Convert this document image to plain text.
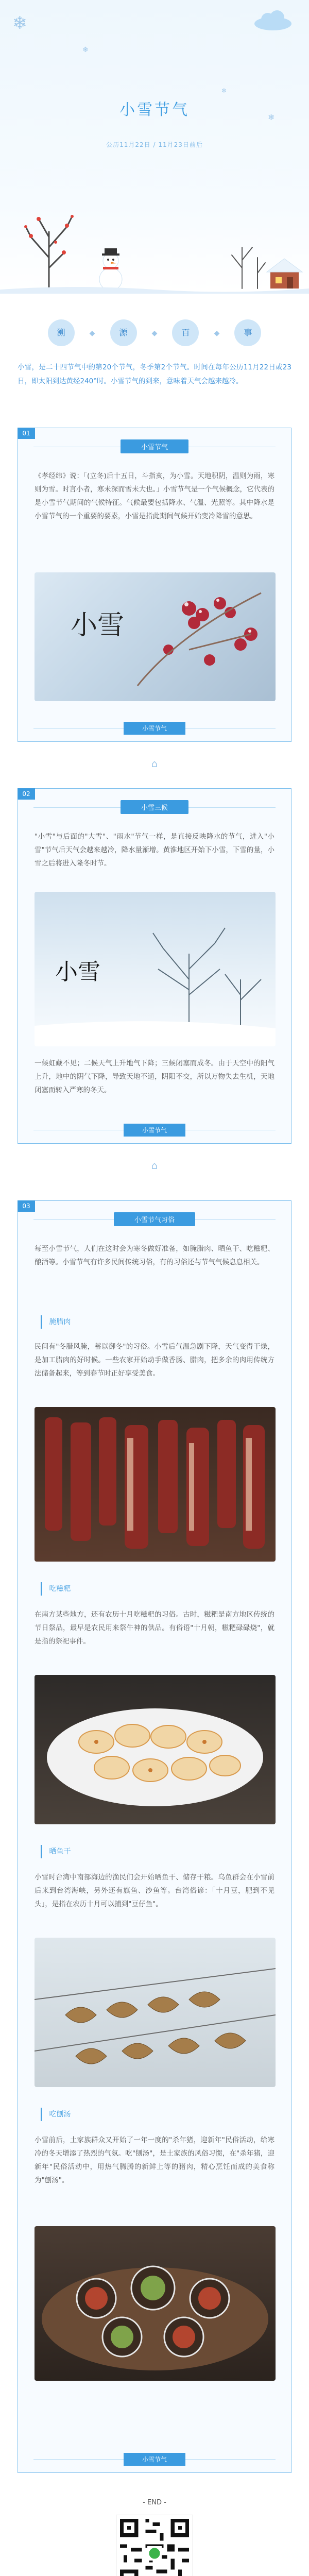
❄
❄
❄
❄
小雪节气
公历11月22日 / 11月23日前后
溯	◆	源	◆	百	◆	事
小雪，是二十四节气中的第20个节气，冬季第2个节气。时间在每年公历11月22日或23日，即太阳到达黄经240°时。小雪节气的到来，意味着天气会越来越冷。
01
小雪节气
《孝经纬》说：「(立冬)后十五日，斗指亥，为小雪。天地积阴，温则为雨，寒则为雪。时言小者，寒未深而雪未大也。」小雪节气是一个气候概念，它代表的是小雪节气期间的气候特征。气候最要包括降水、气温、光照等。其中降水是小雪节气的一个重要的要素，小雪是指此期间气候开始变冷降雪的意思。
小雪
小雪节气
⌂
02
小雪三候
"小雪"与后面的"大雪"、"雨水"节气一样，是直接反映降水的节气，进入"小雪"节气后天气会越来越冷，降水量渐增。黄淮地区开始下小雪，下雪的量，小雪之后将进入隆冬时节。
小雪
一候虹藏不见；二候天气上升地气下降；三候闭塞而成冬。由于天空中的阳气上升，地中的阴气下降，导致天地不通，阴阳不交，所以万物失去生机，天地闭塞而转入严寒的冬天。
小雪节气
⌂
03
小雪节气习俗
每至小雪节气，人们在这时会为寒冬做好准备，如腌腊肉、晒鱼干、吃糍粑、酿酒等。小雪节气有许多民间传统习俗，有的习俗还与节气气候息息相关。
腌腊肉
民间有"冬腊风腌，蓄以御冬"的习俗。小雪后气温急剧下降，天气变得干燥，是加工腊肉的好时候。一些农家开始动手做香肠、腊肉，把多余的肉用传统方法储备起来，等到春节时正好享受美食。
吃糍粑
在南方某些地方，还有农历十月吃糍粑的习俗。古时，糍粑是南方地区传统的节日祭品，最早是农民用来祭牛神的供品。有俗语"十月朝，糍粑碌碌烧"，就是指的祭祀事件。
晒鱼干
小雪时台湾中南部海边的渔民们会开始晒鱼干、储存干粮。乌鱼群会在小雪前后来到台湾海峡，另外还有旗鱼、沙鱼等。台湾俗谚：「十月豆，肥到不见头」，是指在农历十月可以捕到"豆仔鱼"。
吃刨汤
小雪前后，土家族群众又开始了一年一度的"杀年猪，迎新年"民俗活动，给寒冷的冬天增添了热烈的气氛。吃"刨汤"，是土家族的风俗习惯，在"杀年猪，迎新年"民俗活动中，用热气腾腾的新鲜上等的猪肉，精心烹饪而成的美食称为"刨汤"。
小雪节气
- END -
